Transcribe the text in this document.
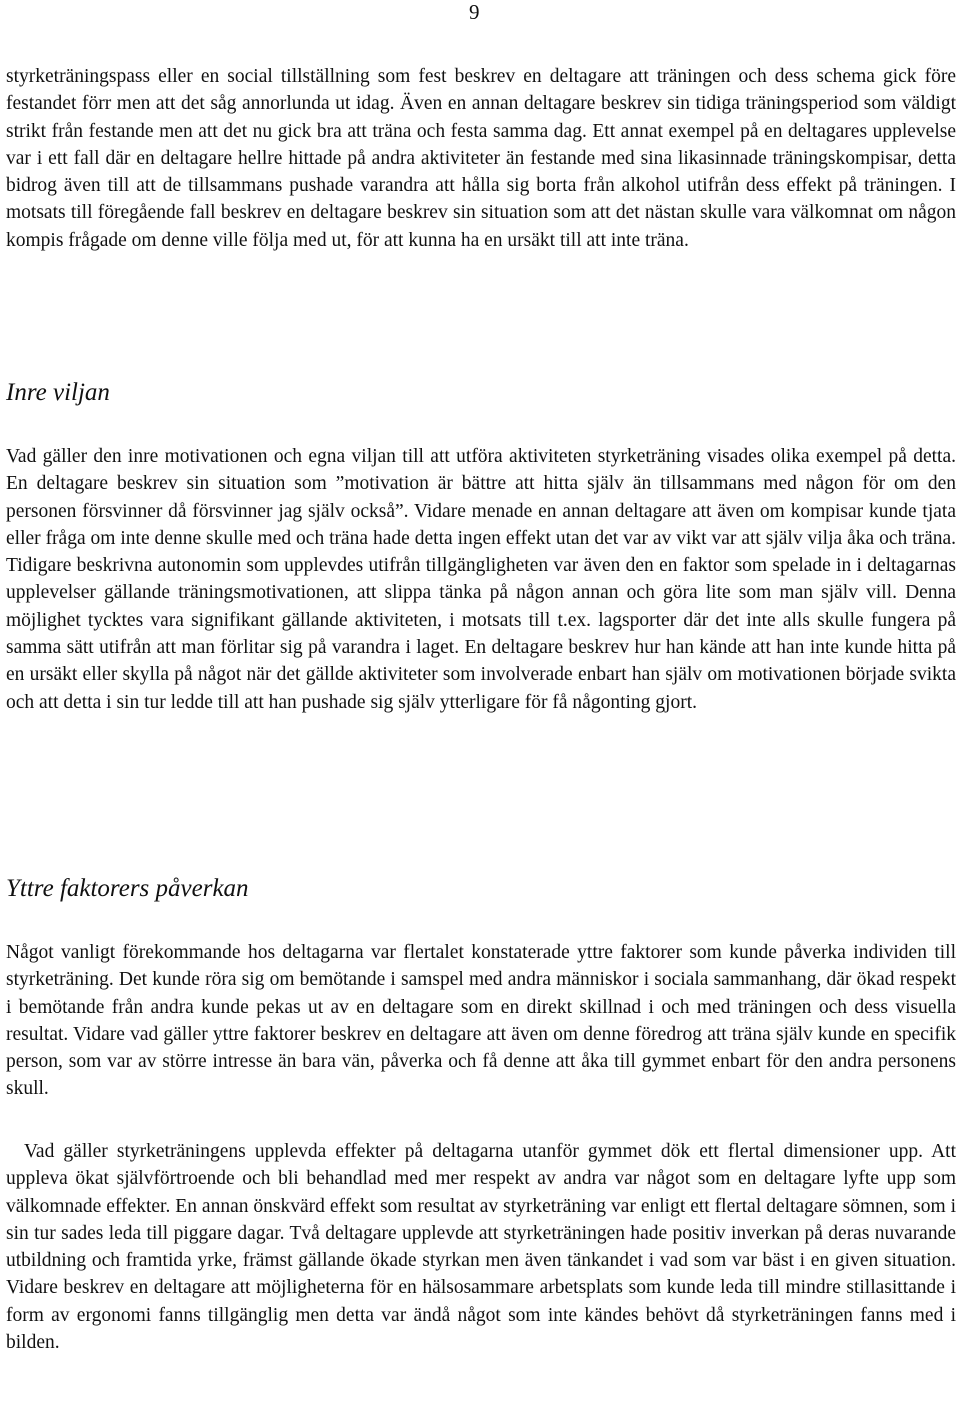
9

styrketräningspass eller en social tillställning som fest beskrev en deltagare att träningen och dess schema gick före festandet förr men att det såg annorlunda ut idag. Även en annan deltagare beskrev sin tidiga träningsperiod som väldigt strikt från festande men att det nu gick bra att träna och festa samma dag. Ett annat exempel på en deltagares upplevelse var i ett fall där en deltagare hellre hittade på andra aktiviteter än festande med sina likasinnade träningskompisar, detta bidrog även till att de tillsammans pushade varandra att hålla sig borta från alkohol utifrån dess effekt på träningen. I motsats till föregående fall beskrev en deltagare beskrev sin situation som att det nästan skulle vara välkomnat om någon kompis frågade om denne ville följa med ut, för att kunna ha en ursäkt till att inte träna.

Inre viljan

Vad gäller den inre motivationen och egna viljan till att utföra aktiviteten styrketräning visades olika exempel på detta. En deltagare beskrev sin situation som ”motivation är bättre att hitta själv än tillsammans med någon för om den personen försvinner då försvinner jag själv också”. Vidare menade en annan deltagare att även om kompisar kunde tjata eller fråga om inte denne skulle med och träna hade detta ingen effekt utan det var av vikt var att själv vilja åka och träna. Tidigare beskrivna autonomin som upplevdes utifrån tillgängligheten var även den en faktor som spelade in i deltagarnas upplevelser gällande träningsmotivationen, att slippa tänka på någon annan och göra lite som man själv vill. Denna möjlighet tycktes vara signifikant gällande aktiviteten, i motsats till t.ex. lagsporter där det inte alls skulle fungera på samma sätt utifrån att man förlitar sig på varandra i laget. En deltagare beskrev hur han kände att han inte kunde hitta på en ursäkt eller skylla på något när det gällde aktiviteter som involverade enbart han själv om motivationen började svikta och att detta i sin tur ledde till att han pushade sig själv ytterligare för få någonting gjort.

Yttre faktorers påverkan

Något vanligt förekommande hos deltagarna var flertalet konstaterade yttre faktorer som kunde påverka individen till styrketräning. Det kunde röra sig om bemötande i samspel med andra människor i sociala sammanhang, där ökad respekt i bemötande från andra kunde pekas ut av en deltagare som en direkt skillnad i och med träningen och dess visuella resultat. Vidare vad gäller yttre faktorer beskrev en deltagare att även om denne föredrog att träna själv kunde en specifik person, som var av större intresse än bara vän, påverka och få denne att åka till gymmet enbart för den andra personens skull.

Vad gäller styrketräningens upplevda effekter på deltagarna utanför gymmet dök ett flertal dimensioner upp. Att uppleva ökat självförtroende och bli behandlad med mer respekt av andra var något som en deltagare lyfte upp som välkomnade effekter. En annan önskvärd effekt som resultat av styrketräning var enligt ett flertal deltagare sömnen, som i sin tur sades leda till piggare dagar. Två deltagare upplevde att styrketräningen hade positiv inverkan på deras nuvarande utbildning och framtida yrke, främst gällande ökade styrkan men även tänkandet i vad som var bäst i en given situation. Vidare beskrev en deltagare att möjligheterna för en hälsosammare arbetsplats som kunde leda till mindre stillasittande i form av ergonomi fanns tillgänglig men detta var ändå något som inte kändes behövt då styrketräningen fanns med i bilden.
